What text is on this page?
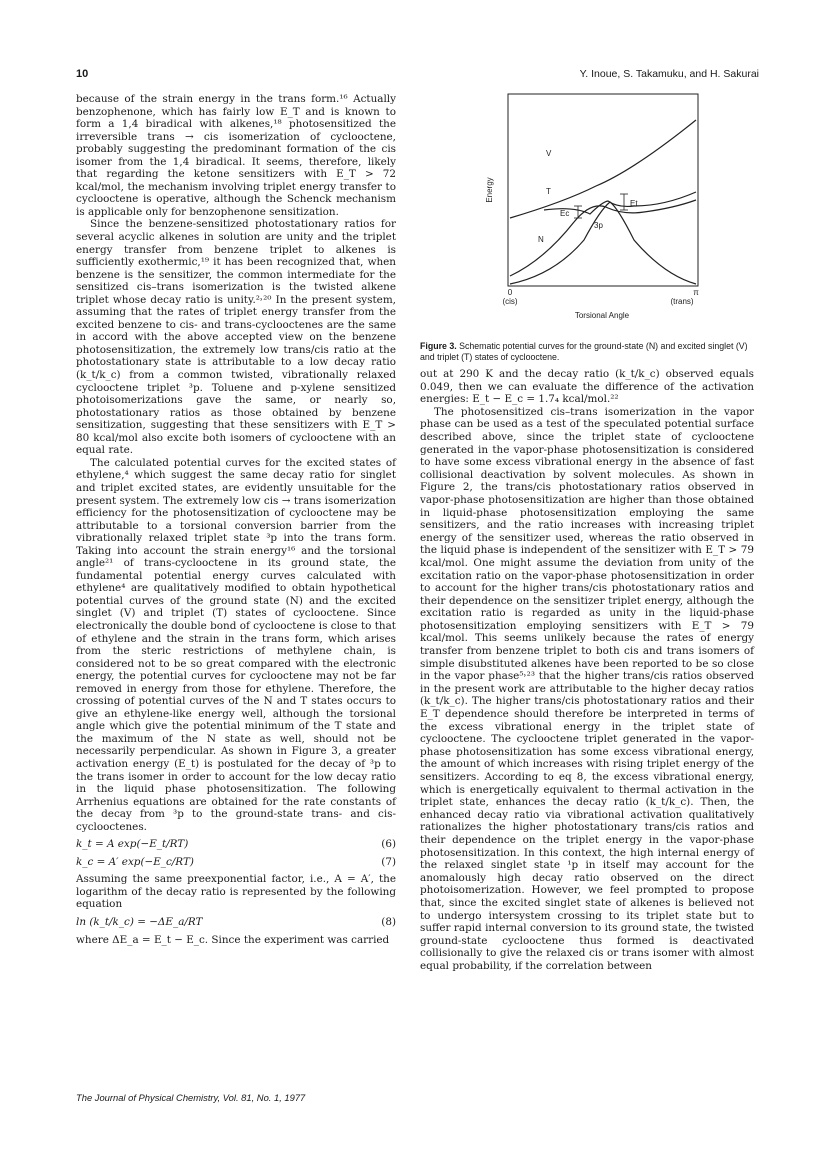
10	Y. Inoue, S. Takamuku, and H. Sakurai

because of the strain energy in the trans form.¹⁶ Actually benzophenone, which has fairly low E_T and is known to form a 1,4 biradical with alkenes,¹⁸ photosensitized the irreversible trans → cis isomerization of cyclooctene, probably suggesting the predominant formation of the cis isomer from the 1,4 biradical. It seems, therefore, likely that regarding the ketone sensitizers with E_T > 72 kcal/mol, the mechanism involving triplet energy transfer to cyclooctene is operative, although the Schenck mechanism is applicable only for benzophenone sensitization.

Since the benzene-sensitized photostationary ratios for several acyclic alkenes in solution are unity and the triplet energy transfer from benzene triplet to alkenes is sufficiently exothermic,¹⁹ it has been recognized that, when benzene is the sensitizer, the common intermediate for the sensitized cis–trans isomerization is the twisted alkene triplet whose decay ratio is unity.²˒²⁰ In the present system, assuming that the rates of triplet energy transfer from the excited benzene to cis- and trans-cyclooctenes are the same in accord with the above accepted view on the benzene photosensitization, the extremely low trans/cis ratio at the photostationary state is attributable to a low decay ratio (k_t/k_c) from a common twisted, vibrationally relaxed cyclooctene triplet ³p. Toluene and p-xylene sensitized photoisomerizations gave the same, or nearly so, photostationary ratios as those obtained by benzene sensitization, suggesting that these sensitizers with E_T > 80 kcal/mol also excite both isomers of cyclooctene with an equal rate.

The calculated potential curves for the excited states of ethylene,⁴ which suggest the same decay ratio for singlet and triplet excited states, are evidently unsuitable for the present system. The extremely low cis → trans isomerization efficiency for the photosensitization of cyclooctene may be attributable to a torsional conversion barrier from the vibrationally relaxed triplet state ³p into the trans form. Taking into account the strain energy¹⁶ and the torsional angle²¹ of trans-cyclooctene in its ground state, the fundamental potential energy curves calculated with ethylene⁴ are qualitatively modified to obtain hypothetical potential curves of the ground state (N) and the excited singlet (V) and triplet (T) states of cyclooctene. Since electronically the double bond of cyclooctene is close to that of ethylene and the strain in the trans form, which arises from the steric restrictions of methylene chain, is considered not to be so great compared with the electronic energy, the potential curves for cyclooctene may not be far removed in energy from those for ethylene. Therefore, the crossing of potential curves of the N and T states occurs to give an ethylene-like energy well, although the torsional angle which give the potential minimum of the T state and the maximum of the N state as well, should not be necessarily perpendicular. As shown in Figure 3, a greater activation energy (E_t) is postulated for the decay of ³p to the trans isomer in order to account for the low decay ratio in the liquid phase photosensitization. The following Arrhenius equations are obtained for the rate constants of the decay from ³p to the ground-state trans- and cis-cyclooctenes.

k_t = A exp(−E_t/RT)	(6)
k_c = A′ exp(−E_c/RT)	(7)

Assuming the same preexponential factor, i.e., A = A′, the logarithm of the decay ratio is represented by the following equation

ln (k_t/k_c) = −ΔE_a/RT	(8)

where ΔE_a = E_t − E_c. Since the experiment was carried

Energy
V
T
N
Ec
Et
3p
0
(cis)
π
(trans)
Torsional Angle
Figure 3. Schematic potential curves for the ground-state (N) and excited singlet (V) and triplet (T) states of cyclooctene.

out at 290 K and the decay ratio (k_t/k_c) observed equals 0.049, then we can evaluate the difference of the activation energies: E_t − E_c = 1.7₄ kcal/mol.²²

The photosensitized cis–trans isomerization in the vapor phase can be used as a test of the speculated potential surface described above, since the triplet state of cyclooctene generated in the vapor-phase photosensitization is considered to have some excess vibrational energy in the absence of fast collisional deactivation by solvent molecules. As shown in Figure 2, the trans/cis photostationary ratios observed in vapor-phase photosensitization are higher than those obtained in liquid-phase photosensitization employing the same sensitizers, and the ratio increases with increasing triplet energy of the sensitizer used, whereas the ratio observed in the liquid phase is independent of the sensitizer with E_T > 79 kcal/mol. One might assume the deviation from unity of the excitation ratio on the vapor-phase photosensitization in order to account for the higher trans/cis photostationary ratios and their dependence on the sensitizer triplet energy, although the excitation ratio is regarded as unity in the liquid-phase photosensitization employing sensitizers with E_T > 79 kcal/mol. This seems unlikely because the rates of energy transfer from benzene triplet to both cis and trans isomers of simple disubstituted alkenes have been reported to be so close in the vapor phase⁵˒²³ that the higher trans/cis ratios observed in the present work are attributable to the higher decay ratios (k_t/k_c). The higher trans/cis photostationary ratios and their E_T dependence should therefore be interpreted in terms of the excess vibrational energy in the triplet state of cyclooctene. The cyclooctene triplet generated in the vapor-phase photosensitization has some excess vibrational energy, the amount of which increases with rising triplet energy of the sensitizers. According to eq 8, the excess vibrational energy, which is energetically equivalent to thermal activation in the triplet state, enhances the decay ratio (k_t/k_c). Then, the enhanced decay ratio via vibrational activation qualitatively rationalizes the higher photostationary trans/cis ratios and their dependence on the triplet energy in the vapor-phase photosensitization. In this context, the high internal energy of the relaxed singlet state ¹p in itself may account for the anomalously high decay ratio observed on the direct photoisomerization. However, we feel prompted to propose that, since the excited singlet state of alkenes is believed not to undergo intersystem crossing to its triplet state but to suffer rapid internal conversion to its ground state, the twisted ground-state cyclooctene thus formed is deactivated collisionally to give the relaxed cis or trans isomer with almost equal probability, if the correlation between

The Journal of Physical Chemistry, Vol. 81, No. 1, 1977
